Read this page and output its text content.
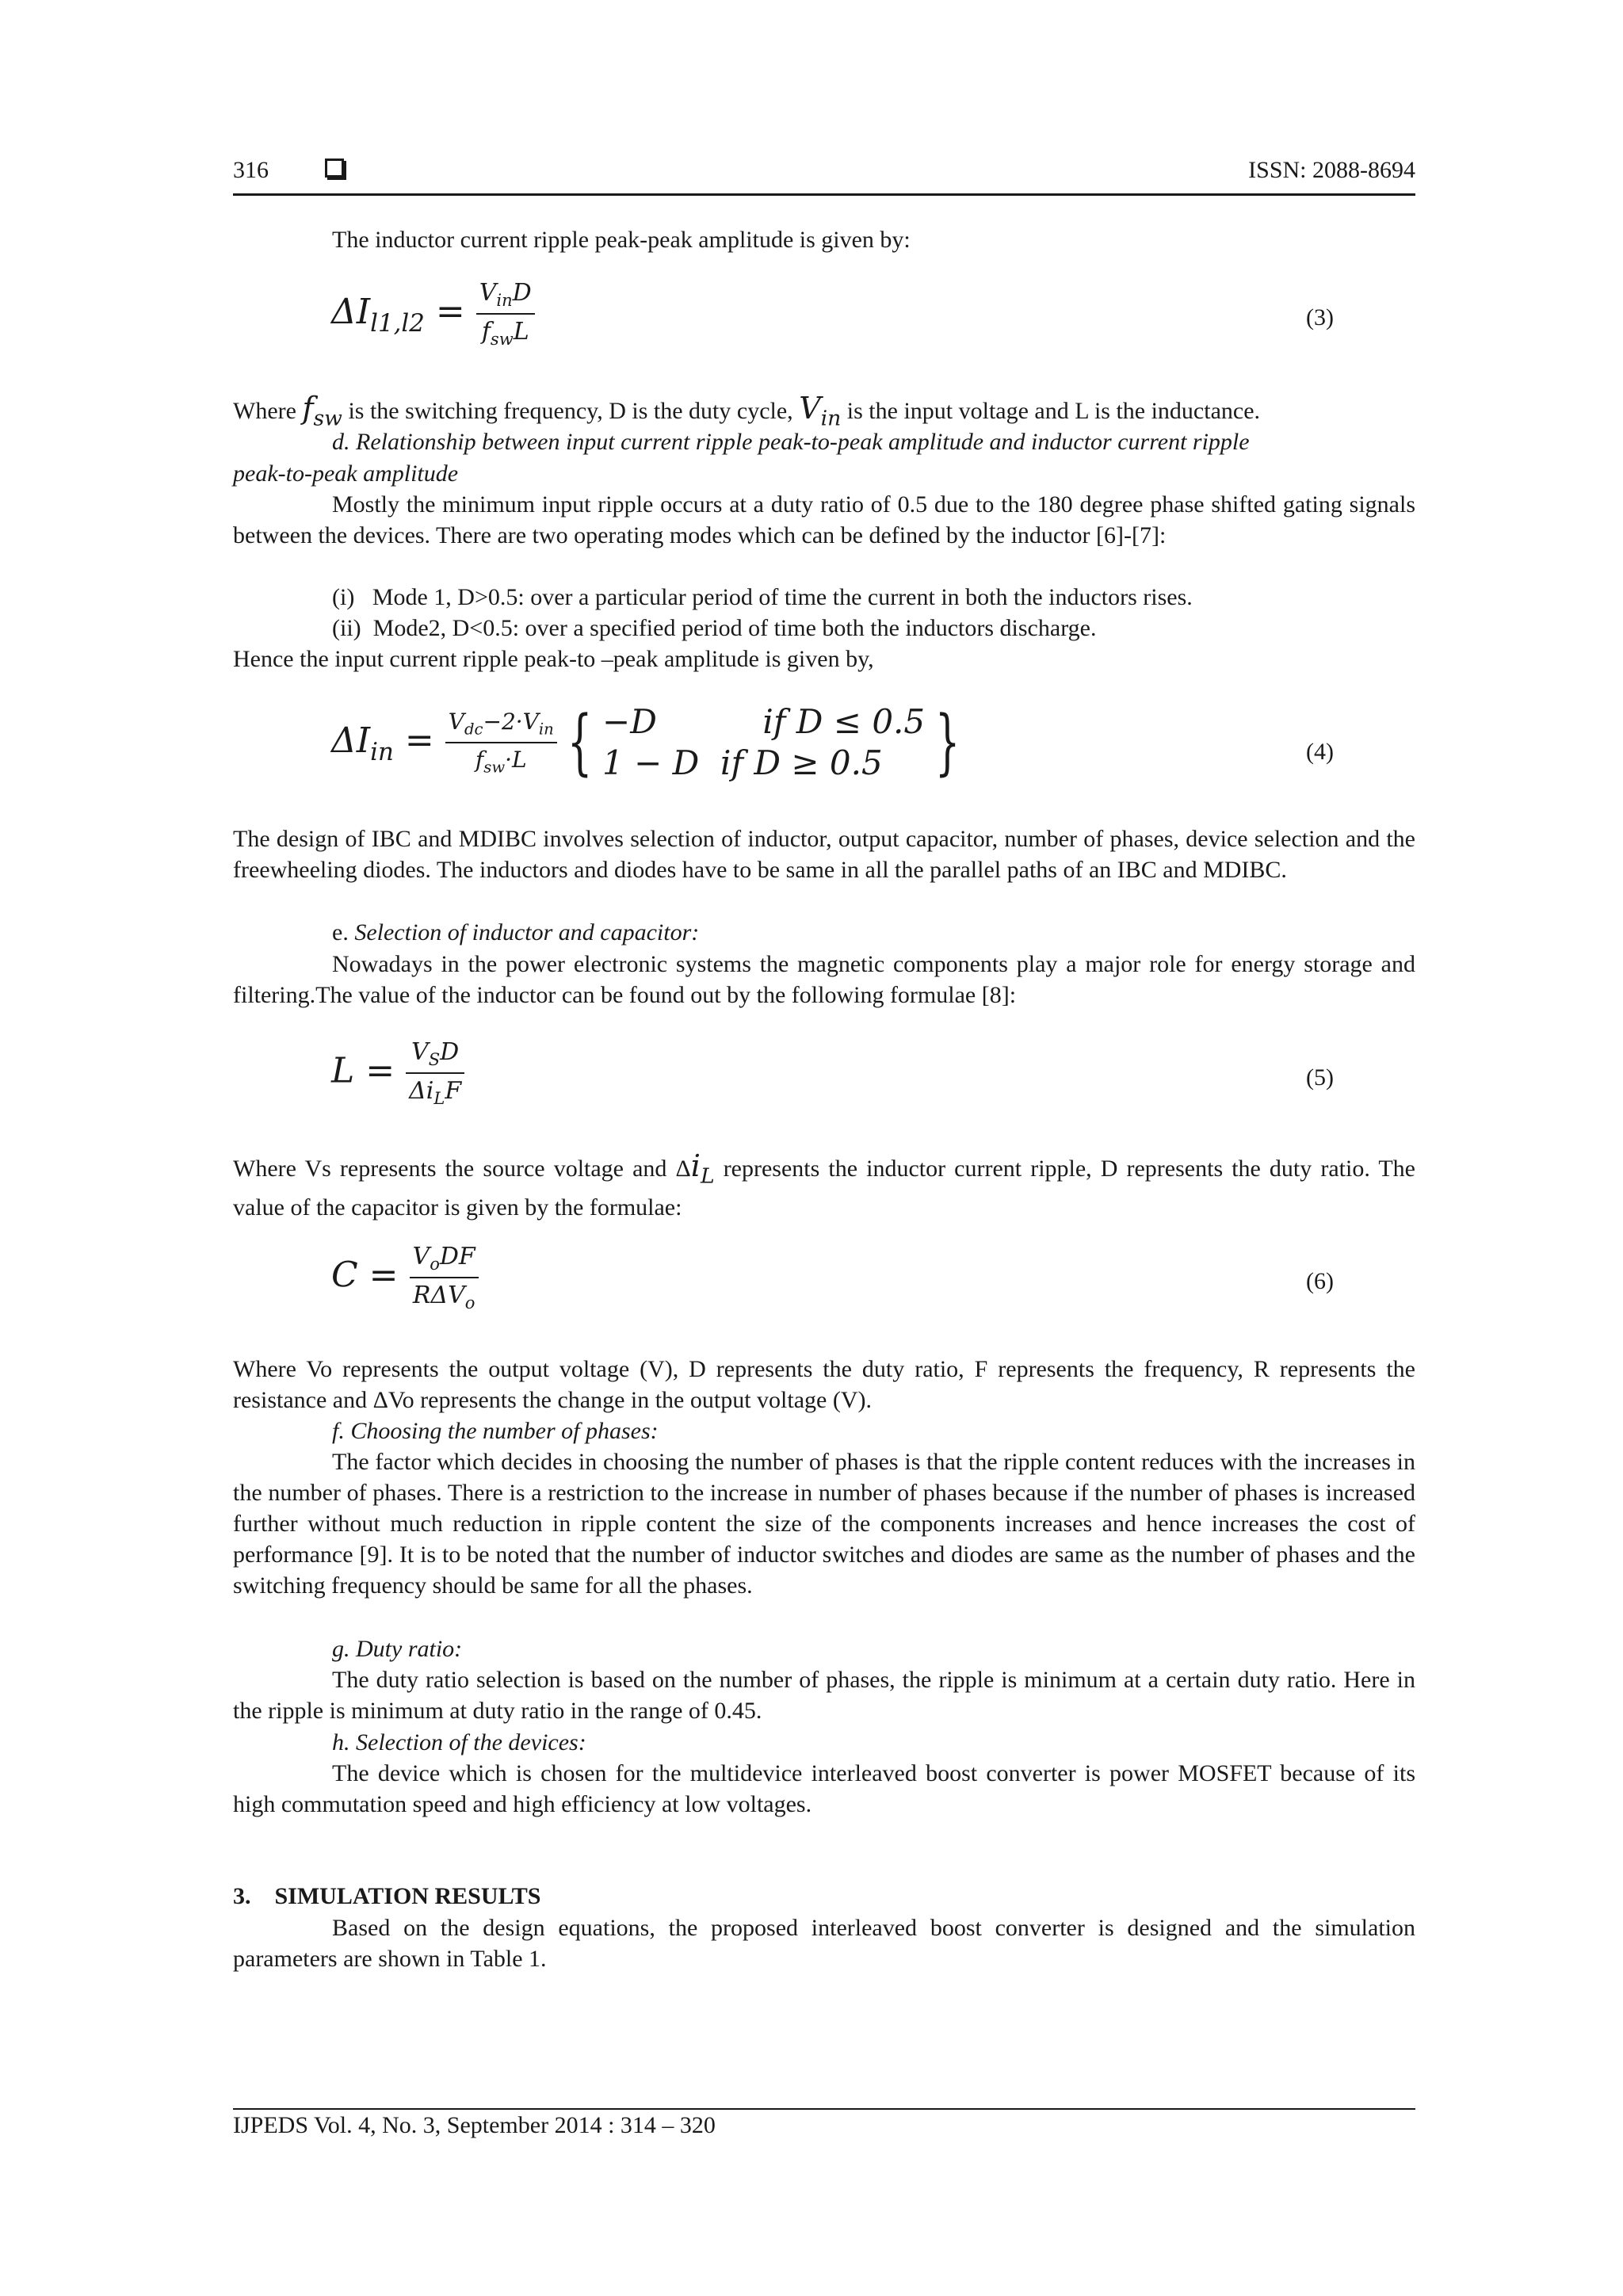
316	ISSN: 2088-8694
The inductor current ripple peak-peak amplitude is given by:
$\Delta I_{l1,l2} = \frac{V_{in}D}{f_{sw}L}$	(3)
Where $f_{sw}$ is the switching frequency, D is the duty cycle, $V_{in}$ is the input voltage and L is the inductance.
d. Relationship between input current ripple peak-to-peak amplitude and inductor current ripple
peak-to-peak amplitude
Mostly the minimum input ripple occurs at a duty ratio of 0.5 due to the 180 degree phase shifted gating signals between the devices. There are two operating modes which can be defined by the inductor [6]-[7]:
(i)   Mode 1, D>0.5: over a particular period of time the current in both the inductors rises.
(ii)  Mode2, D<0.5: over a specified period of time both the inductors discharge.
Hence the input current ripple peak-to –peak amplitude is given by,
$\Delta I_{in} = \frac{V_{dc}-2\cdot V_{in}}{f_{sw}\cdot L}$ { −D          if D ≤ 0.5
1 − D  if D ≥ 0.5 }	(4)
The design of IBC and MDIBC involves selection of inductor, output capacitor, number of phases, device selection and the freewheeling diodes. The inductors and diodes have to be same in all the parallel paths of an IBC and MDIBC.
e. Selection of inductor and capacitor:
Nowadays in the power electronic systems the magnetic components play a major role for energy storage and filtering.The value of the inductor can be found out by the following formulae [8]:
$L = \frac{V_SD}{\Delta i_LF}$	(5)
Where Vs represents the source voltage and $\Delta i_L$ represents the inductor current ripple, D represents the duty ratio. The value of the capacitor is given by the formulae:
$C = \frac{V_oDF}{R\Delta V_o}$	(6)
Where Vo represents the output voltage (V), D represents the duty ratio, F represents the frequency, R represents the resistance and ΔVo represents the change in the output voltage (V).
f. Choosing the number of phases:
The factor which decides in choosing the number of phases is that the ripple content reduces with the increases in the number of phases. There is a restriction to the increase in number of phases because if the number of phases is increased further without much reduction in ripple content the size of the components increases and hence increases the cost of performance [9]. It is to be noted that the number of inductor switches and diodes are same as the number of phases and the switching frequency should be same for all the phases.
g. Duty ratio:
The duty ratio selection is based on the number of phases, the ripple is minimum at a certain duty ratio. Here in the ripple is minimum at duty ratio in the range of 0.45.
h. Selection of the devices:
The device which is chosen for the multidevice interleaved boost converter is power MOSFET because of its high commutation speed and high efficiency at low voltages.
3.    SIMULATION RESULTS
Based on the design equations, the proposed interleaved boost converter is designed and the simulation parameters are shown in Table 1.
IJPEDS Vol. 4, No. 3, September 2014 : 314 – 320
